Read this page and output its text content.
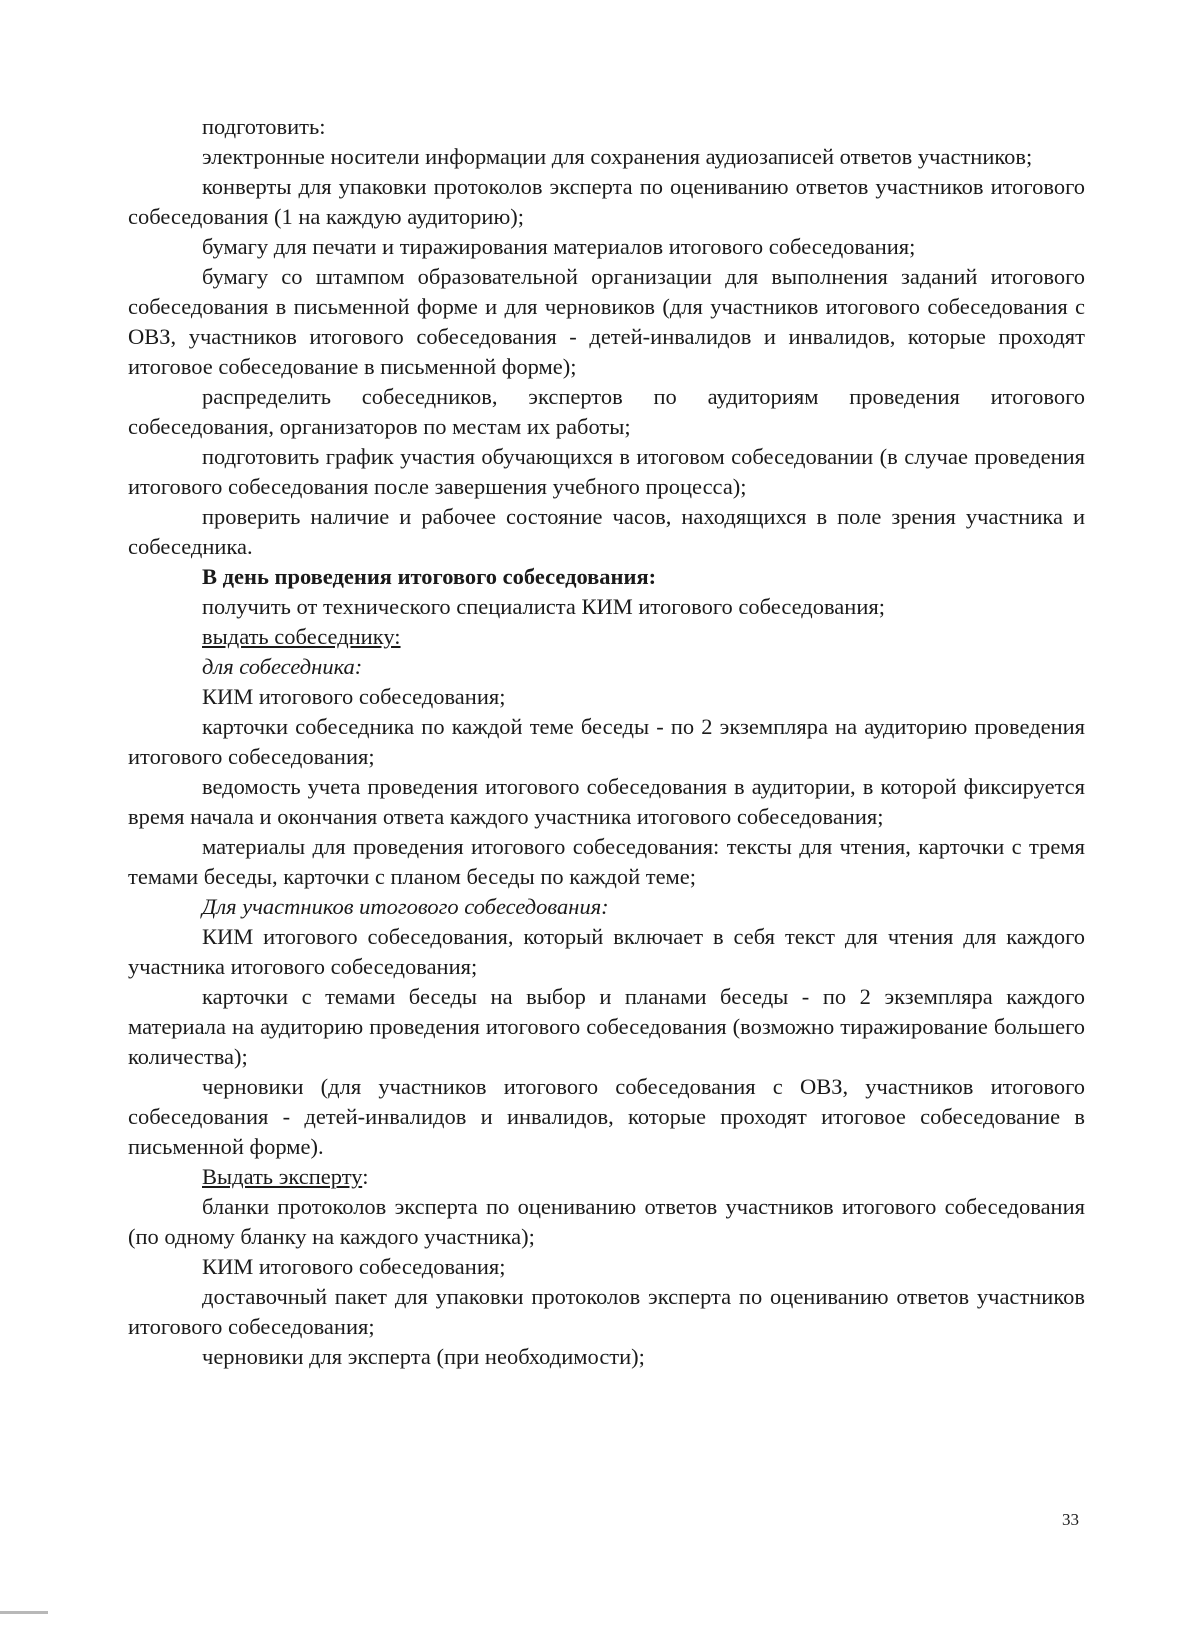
подготовить:

электронные носители информации для сохранения аудиозаписей ответов участников;

конверты для упаковки протоколов эксперта по оцениванию ответов участников итогового собеседования (1 на каждую аудиторию);

бумагу для печати и тиражирования материалов итогового собеседования;

бумагу со штампом образовательной организации для выполнения заданий итогового собеседования в письменной форме и для черновиков (для участников итогового собеседования с ОВЗ, участников итогового собеседования - детей-инвалидов и инвалидов, которые проходят итоговое собеседование в письменной форме);

распределить собеседников, экспертов по аудиториям проведения итогового собеседования, организаторов по местам их работы;

подготовить график участия обучающихся в итоговом собеседовании (в случае проведения итогового собеседования после завершения учебного процесса);

проверить наличие и рабочее состояние часов, находящихся в поле зрения участника и собеседника.

В день проведения итогового собеседования:

получить от технического специалиста КИМ итогового собеседования;

выдать собеседнику:

для собеседника:

КИМ итогового собеседования;

карточки собеседника по каждой теме беседы - по 2 экземпляра на аудиторию проведения итогового собеседования;

ведомость учета проведения итогового собеседования в аудитории, в которой фиксируется время начала и окончания ответа каждого участника итогового собеседования;

материалы для проведения итогового собеседования: тексты для чтения, карточки с тремя темами беседы, карточки с планом беседы по каждой теме;

Для участников итогового собеседования:

КИМ итогового собеседования, который включает в себя текст для чтения для каждого участника итогового собеседования;

карточки с темами беседы на выбор и планами беседы - по 2 экземпляра каждого материала на аудиторию проведения итогового собеседования (возможно тиражирование большего количества);

черновики (для участников итогового собеседования с ОВЗ, участников итогового собеседования - детей-инвалидов и инвалидов, которые проходят итоговое собеседование в письменной форме).

Выдать эксперту:

бланки протоколов эксперта по оцениванию ответов участников итогового собеседования (по одному бланку на каждого участника);

КИМ итогового собеседования;

доставочный пакет для упаковки протоколов эксперта по оцениванию ответов участников итогового собеседования;

черновики для эксперта (при необходимости);

33
